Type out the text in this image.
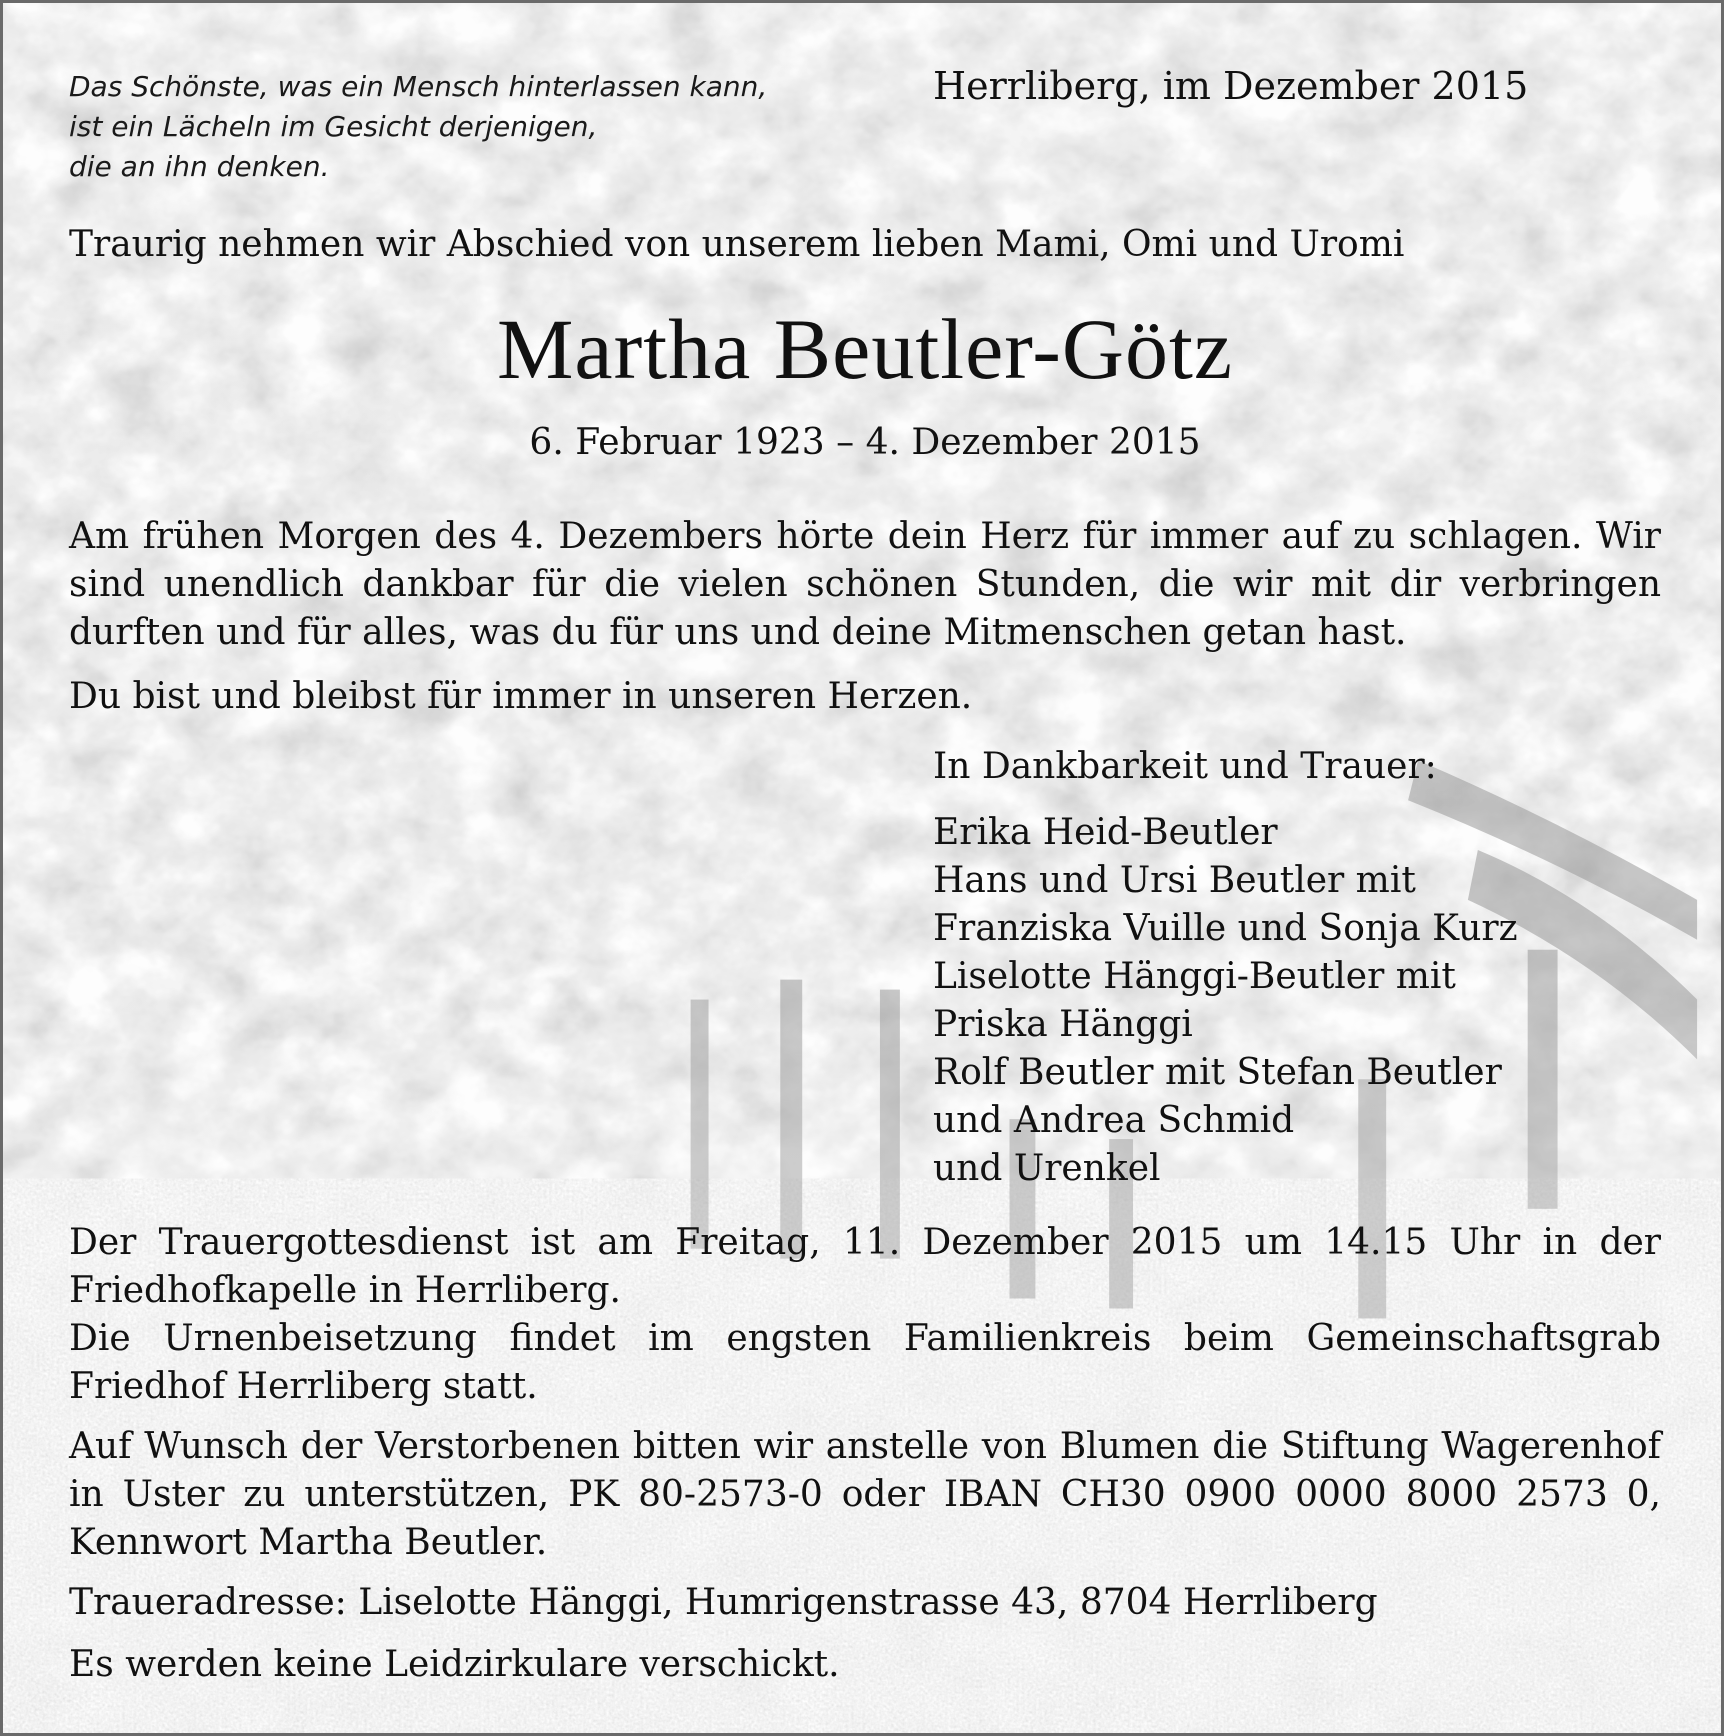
Das Schönste, was ein Mensch hinterlassen kann,
ist ein Lächeln im Gesicht derjenigen,
die an ihn denken.

Herrliberg, im Dezember 2015

Traurig nehmen wir Abschied von unserem lieben Mami, Omi und Uromi

Martha Beutler-Götz

6. Februar 1923 – 4. Dezember 2015

Am frühen Morgen des 4. Dezembers hörte dein Herz für immer auf zu schlagen. Wir sind unendlich dankbar für die vielen schönen Stunden, die wir mit dir verbringen durften und für alles, was du für uns und deine Mitmenschen getan hast.

Du bist und bleibst für immer in unseren Herzen.

In Dankbarkeit und Trauer:
Erika Heid-Beutler
Hans und Ursi Beutler mit
Franziska Vuille und Sonja Kurz
Liselotte Hänggi-Beutler mit
Priska Hänggi
Rolf Beutler mit Stefan Beutler
und Andrea Schmid
und Urenkel

Der Trauergottesdienst ist am Freitag, 11. Dezember 2015 um 14.15 Uhr in der Friedhofkapelle in Herrliberg.

Die Urnenbeisetzung findet im engsten Familienkreis beim Gemeinschaftsgrab Friedhof Herrliberg statt.

Auf Wunsch der Verstorbenen bitten wir anstelle von Blumen die Stiftung Wagerenhof in Uster zu unterstützen, PK 80-2573-0 oder IBAN CH30 0900 0000 8000 2573 0, Kennwort Martha Beutler.

Traueradresse: Liselotte Hänggi, Humrigenstrasse 43, 8704 Herrliberg

Es werden keine Leidzirkulare verschickt.
